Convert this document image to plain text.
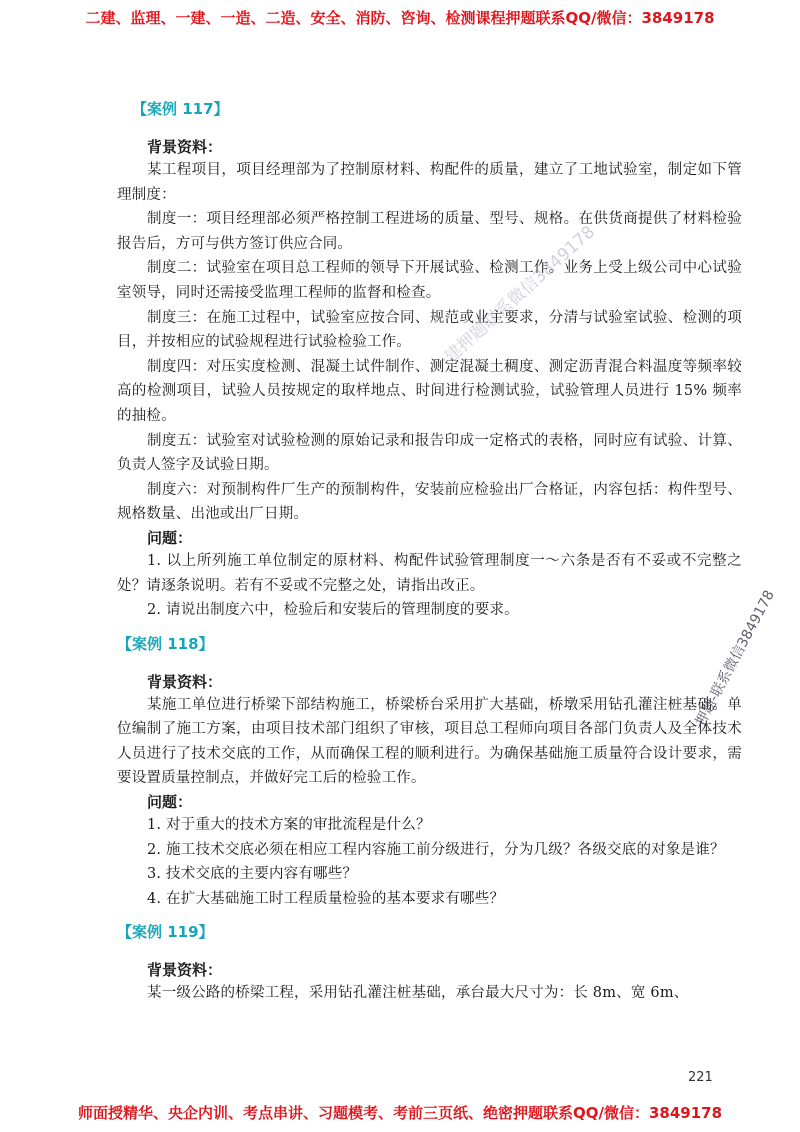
二建、监理、一建、一造、二造、安全、消防、咨询、检测课程押题联系QQ/微信：3849178
【案例 117】
背景资料：
某工程项目，项目经理部为了控制原材料、构配件的质量，建立了工地试验室，制定如下管理制度：
制度一：项目经理部必须严格控制工程进场的质量、型号、规格。在供货商提供了材料检验报告后，方可与供方签订供应合同。
制度二：试验室在项目总工程师的领导下开展试验、检测工作。业务上受上级公司中心试验室领导，同时还需接受监理工程师的监督和检查。
制度三：在施工过程中，试验室应按合同、规范或业主要求，分清与试验室试验、检测的项目，并按相应的试验规程进行试验检验工作。
制度四：对压实度检测、混凝土试件制作、测定混凝土稠度、测定沥青混合料温度等频率较高的检测项目，试验人员按规定的取样地点、时间进行检测试验，试验管理人员进行 15% 频率的抽检。
制度五：试验室对试验检测的原始记录和报告印成一定格式的表格，同时应有试验、计算、负责人签字及试验日期。
制度六：对预制构件厂生产的预制构件，安装前应检验出厂合格证，内容包括：构件型号、规格数量、出池或出厂日期。
问题：
1. 以上所列施工单位制定的原材料、构配件试验管理制度一～六条是否有不妥或不完整之处？请逐条说明。若有不妥或不完整之处，请指出改正。
2. 请说出制度六中，检验后和安装后的管理制度的要求。
【案例 118】
背景资料：
某施工单位进行桥梁下部结构施工，桥梁桥台采用扩大基础，桥墩采用钻孔灌注桩基础。单位编制了施工方案，由项目技术部门组织了审核，项目总工程师向项目各部门负责人及全体技术人员进行了技术交底的工作，从而确保工程的顺利进行。为确保基础施工质量符合设计要求，需要设置质量控制点，并做好完工后的检验工作。
问题：
1. 对于重大的技术方案的审批流程是什么？
2. 施工技术交底必须在相应工程内容施工前分级进行，分为几级？各级交底的对象是谁？
3. 技术交底的主要内容有哪些？
4. 在扩大基础施工时工程质量检验的基本要求有哪些？
【案例 119】
背景资料：
某一级公路的桥梁工程，采用钻孔灌注桩基础，承台最大尺寸为：长 8m、宽 6m、
一建押题联系微信3849178
押题-联系微信3849178
221
师面授精华、央企内训、考点串讲、习题模考、考前三页纸、绝密押题联系QQ/微信：3849178
